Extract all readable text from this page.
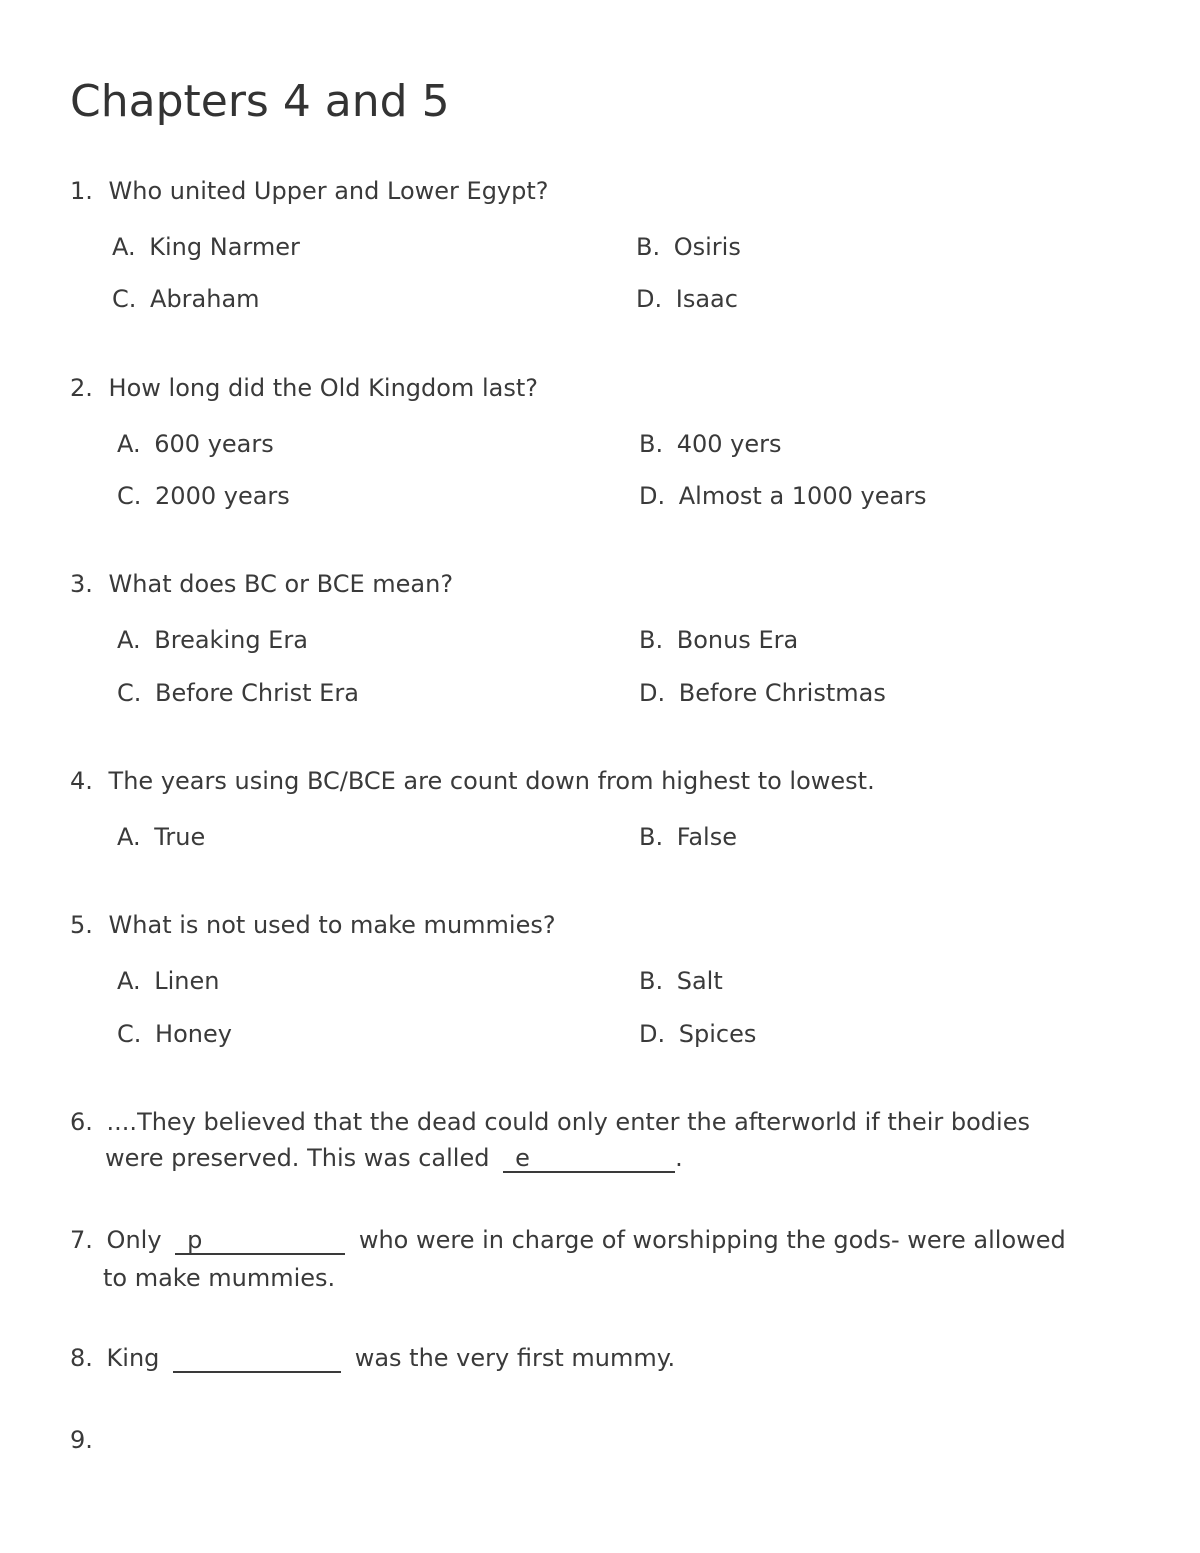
Chapters 4 and 5
1. Who united Upper and Lower Egypt?
A. King Narmer	B. Osiris
C. Abraham	D. Isaac
2. How long did the Old Kingdom last?
A. 600 years	B. 400 yers
C. 2000 years	D. Almost a 1000 years
3. What does BC or BCE mean?
A. Breaking Era	B. Bonus Era
C. Before Christ Era	D. Before Christmas
4. The years using BC/BCE are count down from highest to lowest.
A. True	B. False
5. What is not used to make mummies?
A. Linen	B. Salt
C. Honey	D. Spices
6. ....They believed that the dead could only enter the afterworld if their bodies
were preserved. This was called e	.
7. Only p	who were in charge of worshipping the gods- were allowed
to make mummies.
8. King	was the very first mummy.
9.
